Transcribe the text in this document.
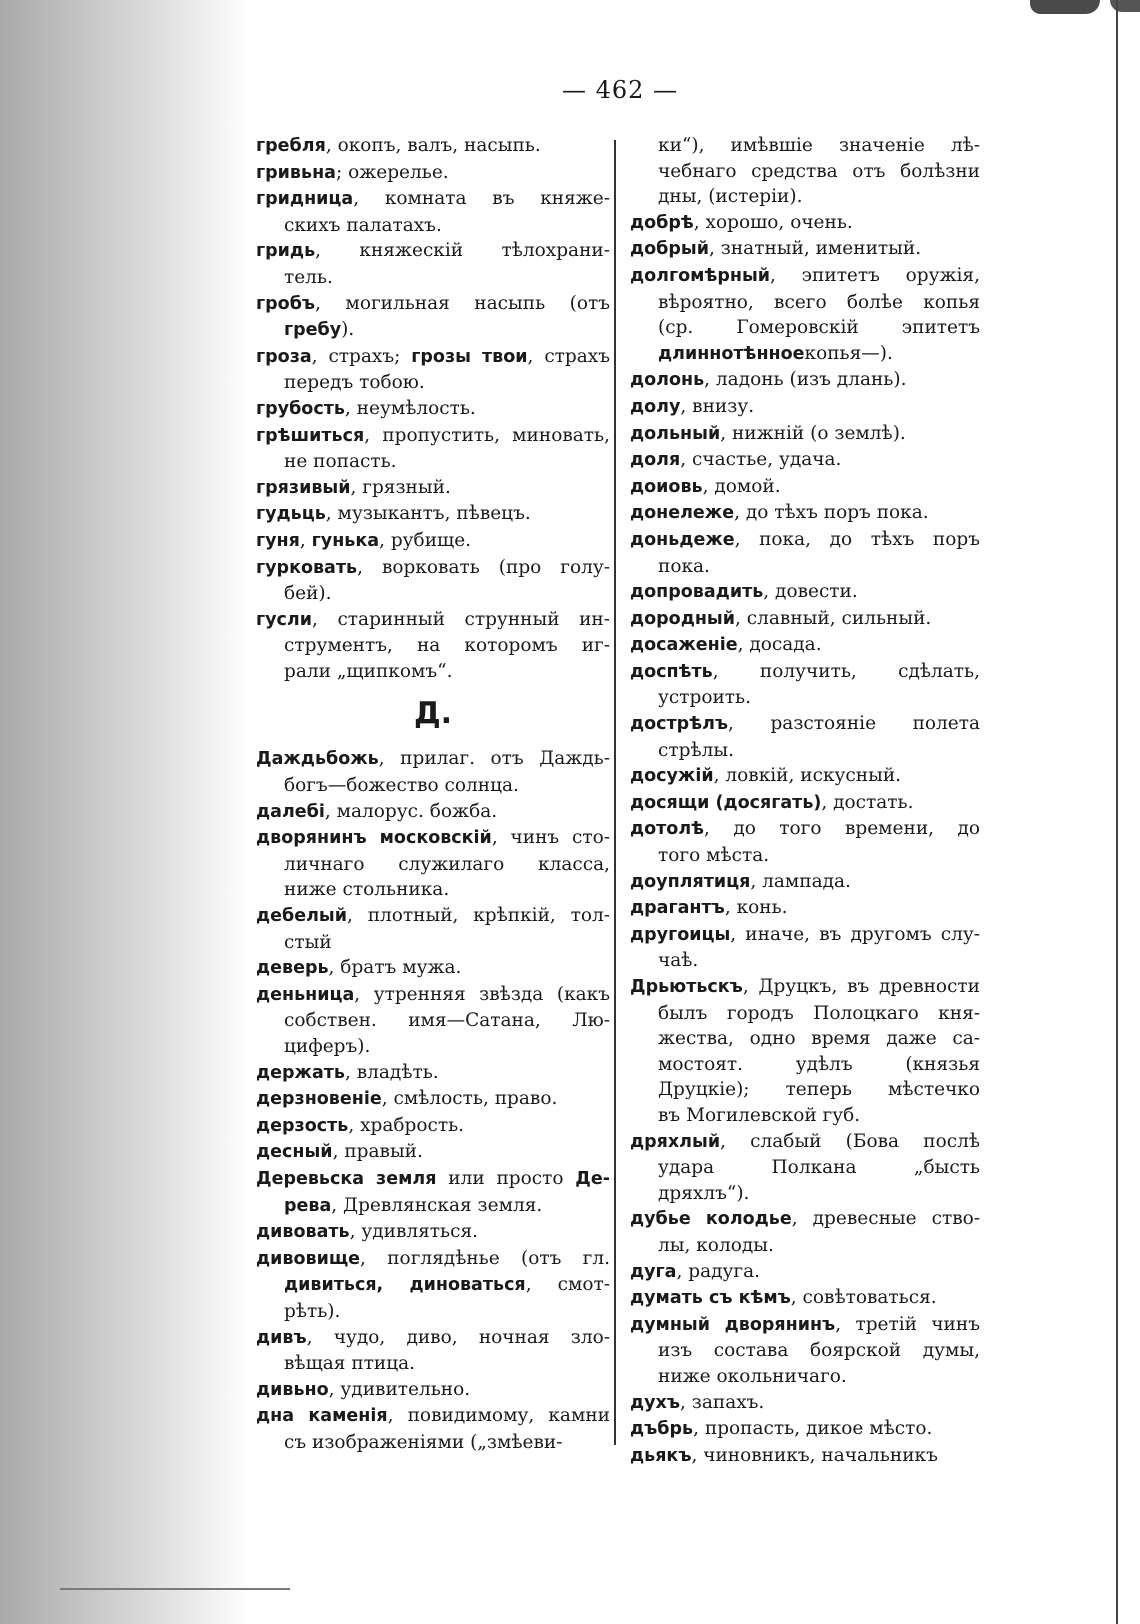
— 462 —
гребля, окопъ, валъ, насыпь.
гривьна; ожерелье.
гридница, комната въ княже-
скихъ палатахъ.
гридь, княжескій тѣлохрани-
тель.
гробъ, могильная насыпь (отъ
гребу).
гроза, страхъ; грозы твои, страхъ
передъ тобою.
грубость, неумѣлость.
грѣшиться, пропустить, миновать,
не попасть.
грязивый, грязный.
гудьць, музыкантъ, пѣвецъ.
гуня, гунька, рубище.
гурковать, ворковать (про голу-
бей).
гусли, старинный струнный ин-
струментъ, на которомъ иг-
рали „щипкомъ“.
Д.
Даждьбожь, прилаг. отъ Даждь-
богъ—божество солнца.
далебі, малорус. божба.
дворянинъ московскій, чинъ сто-
личнаго служилаго класса,
ниже стольника.
дебелый, плотный, крѣпкій, тол-
стый
деверь, братъ мужа.
деньница, утренняя звѣзда (какъ
собствен. имя—Сатана, Лю-
циферъ).
держать, владѣть.
дерзновеніе, смѣлость, право.
дерзость, храбрость.
десный, правый.
Деревьска земля или просто Де-
рева, Древлянская земля.
дивовать, удивляться.
дивовище, поглядѣнье (отъ гл.
дивиться, диноваться, смот-
рѣть).
дивъ, чудо, диво, ночная зло-
вѣщая птица.
дивьно, удивительно.
дна каменія, повидимому, камни
съ изображеніями („змѣеви-
ки“), имѣвшіе значеніе лѣ-
чебнаго средства отъ болѣзни
дны, (истеріи).
добрѣ, хорошо, очень.
добрый, знатный, именитый.
долгомѣрный, эпитетъ оружія,
вѣроятно, всего болѣе копья
(ср. Гомеровскій эпитетъ
длиннотѣнноекопья—).
долонь, ладонь (изъ длань).
долу, внизу.
дольный, нижній (о землѣ).
доля, счастье, удача.
доиовь, домой.
донележе, до тѣхъ поръ пока.
доньдеже, пока, до тѣхъ поръ
пока.
допровадить, довести.
дородный, славный, сильный.
досаженіе, досада.
доспѣть, получить, сдѣлать,
устроить.
дострѣлъ, разстояніе полета
стрѣлы.
досужій, ловкій, искусный.
досящи (досягать), достать.
дотолѣ, до того времени, до
того мѣста.
доуплятиця, лампада.
драгантъ, конь.
другоицы, иначе, въ другомъ слу-
чаѣ.
Дрьютьскъ, Друцкъ, въ древности
былъ городъ Полоцкаго кня-
жества, одно время даже са-
мостоят. удѣлъ (князья
Друцкіе); теперь мѣстечко
въ Могилевской губ.
дряхлый, слабый (Бова послѣ
удара Полкана „бысть
дряхлъ“).
дубье колодье, древесные ство-
лы, колоды.
дуга, радуга.
думать съ кѣмъ, совѣтоваться.
думный дворянинъ, третій чинъ
изъ состава боярской думы,
ниже окольничаго.
духъ, запахъ.
дъбрь, пропасть, дикое мѣсто.
дьякъ, чиновникъ, начальникъ
